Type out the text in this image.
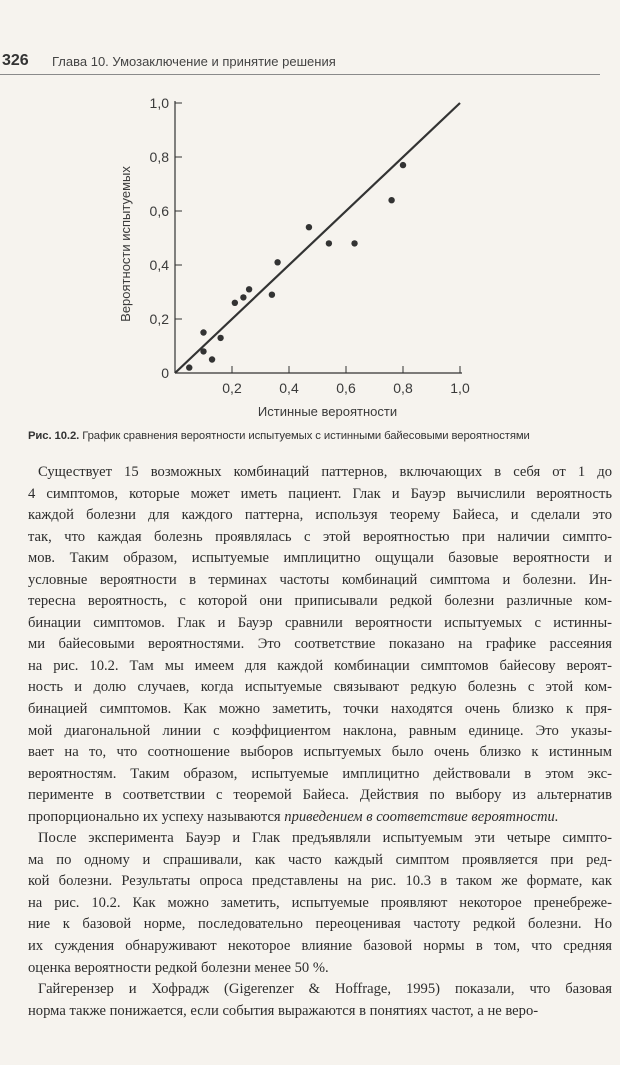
326 Глава 10. Умозаключение и принятие решения
0
0,2
0,4
0,6
0,8
1,0
0,2	0,4	0,6	0,8	1,0
Истинные вероятности
Вероятности испытуемых
Рис. 10.2. График сравнения вероятности испытуемых с истинными байесовыми вероятностями
Существует 15 возможных комбинаций паттернов, включающих в себя от 1 до
4 симптомов, которые может иметь пациент. Глак и Бауэр вычислили вероятность
каждой болезни для каждого паттерна, используя теорему Байеса, и сделали это
так, что каждая болезнь проявлялась с этой вероятностью при наличии симпто-
мов. Таким образом, испытуемые имплицитно ощущали базовые вероятности и
условные вероятности в терминах частоты комбинаций симптома и болезни. Ин-
тересна вероятность, с которой они приписывали редкой болезни различные ком-
бинации симптомов. Глак и Бауэр сравнили вероятности испытуемых с истинны-
ми байесовыми вероятностями. Это соответствие показано на графике рассеяния
на рис. 10.2. Там мы имеем для каждой комбинации симптомов байесову вероят-
ность и долю случаев, когда испытуемые связывают редкую болезнь с этой ком-
бинацией симптомов. Как можно заметить, точки находятся очень близко к пря-
мой диагональной линии с коэффициентом наклона, равным единице. Это указы-
вает на то, что соотношение выборов испытуемых было очень близко к истинным
вероятностям. Таким образом, испытуемые имплицитно действовали в этом экс-
перименте в соответствии с теоремой Байеса. Действия по выбору из альтернатив
пропорционально их успеху называются приведением в соответствие вероятности.
После эксперимента Бауэр и Глак предъявляли испытуемым эти четыре симпто-
ма по одному и спрашивали, как часто каждый симптом проявляется при ред-
кой болезни. Результаты опроса представлены на рис. 10.3 в таком же формате, как
на рис. 10.2. Как можно заметить, испытуемые проявляют некоторое пренебреже-
ние к базовой норме, последовательно переоценивая частоту редкой болезни. Но
их суждения обнаруживают некоторое влияние базовой нормы в том, что средняя
оценка вероятности редкой болезни менее 50 %.
Гайгерензер и Хофрадж (Gigerenzer & Hoffrage, 1995) показали, что базовая
норма также понижается, если события выражаются в понятиях частот, а не веро-
